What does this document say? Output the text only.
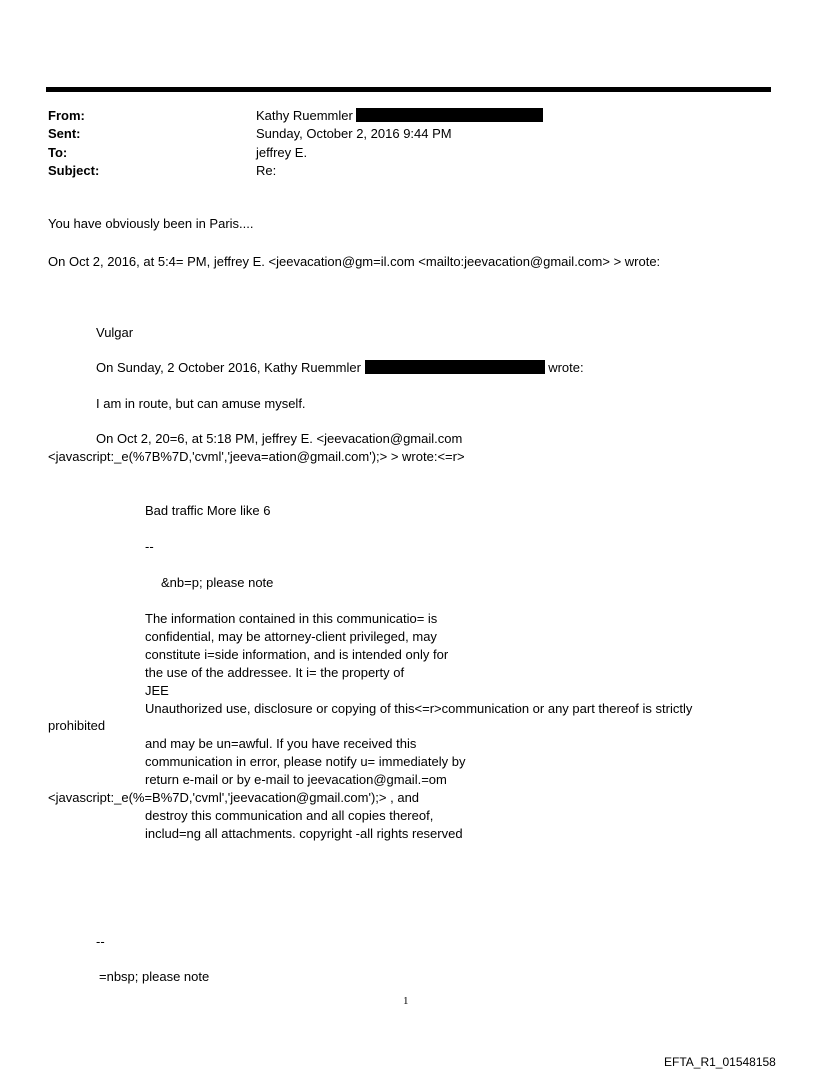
From:	Kathy Ruemmler
Sent:	Sunday, October 2, 2016 9:44 PM
To:	jeffrey E.
Subject:	Re:
You have obviously been in Paris....
On Oct 2, 2016, at 5:4= PM, jeffrey E. <jeevacation@gm=il.com <mailto:jeevacation@gmail.com> > wrote:
Vulgar
On Sunday, 2 October 2016, Kathy Ruemmler	wrote:
I am in route, but can amuse myself.
On Oct 2, 20=6, at 5:18 PM, jeffrey E. <jeevacation@gmail.com
<javascript:_e(%7B%7D,'cvml','jeeva=ation@gmail.com');> > wrote:<=r>
Bad traffic More like 6
--
&nb=p; please note
The information contained in this communicatio= is
confidential, may be attorney-client privileged, may
constitute i=side information, and is intended only for
the use of the addressee. It i= the property of
JEE
Unauthorized use, disclosure or copying of this<=r>communication or any part thereof is strictly
prohibited
and may be un=awful. If you have received this
communication in error, please notify u= immediately by
return e-mail or by e-mail to jeevacation@gmail.=om
<javascript:_e(%=B%7D,'cvml','jeevacation@gmail.com');> , and
destroy this communication and all copies thereof,
includ=ng all attachments. copyright -all rights reserved
--
=nbsp; please note
1
EFTA_R1_01548158
